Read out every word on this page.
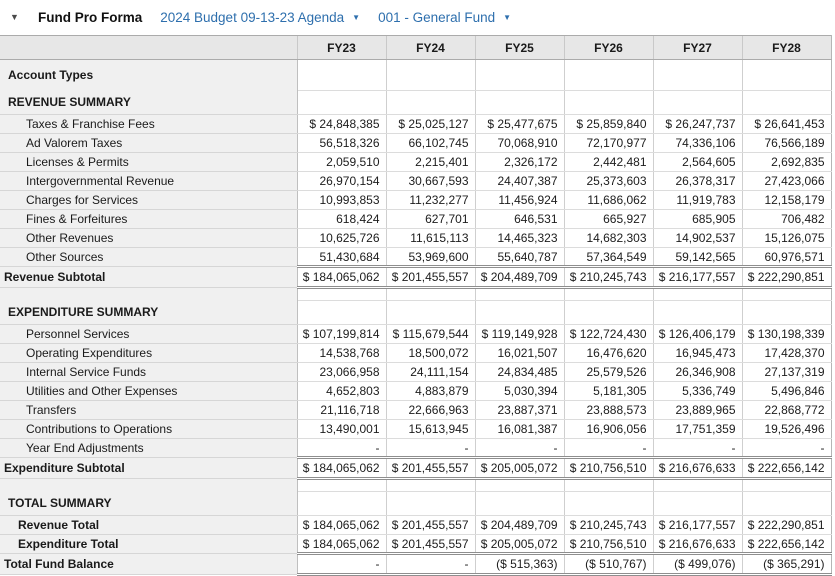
▼	Fund Pro Forma 2024 Budget 09-13-23 Agenda ▼ 001 - General Fund ▼
	FY23	FY24	FY25	FY26	FY27	FY28
Account Types						
REVENUE SUMMARY						
Taxes & Franchise Fees	$ 24,848,385	$ 25,025,127	$ 25,477,675	$ 25,859,840	$ 26,247,737	$ 26,641,453
Ad Valorem Taxes	56,518,326	66,102,745	70,068,910	72,170,977	74,336,106	76,566,189
Licenses & Permits	2,059,510	2,215,401	2,326,172	2,442,481	2,564,605	2,692,835
Intergovernmental Revenue	26,970,154	30,667,593	24,407,387	25,373,603	26,378,317	27,423,066
Charges for Services	10,993,853	11,232,277	11,456,924	11,686,062	11,919,783	12,158,179
Fines & Forfeitures	618,424	627,701	646,531	665,927	685,905	706,482
Other Revenues	10,625,726	11,615,113	14,465,323	14,682,303	14,902,537	15,126,075
Other Sources	51,430,684	53,969,600	55,640,787	57,364,549	59,142,565	60,976,571
Revenue Subtotal	$ 184,065,062	$ 201,455,557	$ 204,489,709	$ 210,245,743	$ 216,177,557	$ 222,290,851

EXPENDITURE SUMMARY						
Personnel Services	$ 107,199,814	$ 115,679,544	$ 119,149,928	$ 122,724,430	$ 126,406,179	$ 130,198,339
Operating Expenditures	14,538,768	18,500,072	16,021,507	16,476,620	16,945,473	17,428,370
Internal Service Funds	23,066,958	24,111,154	24,834,485	25,579,526	26,346,908	27,137,319
Utilities and Other Expenses	4,652,803	4,883,879	5,030,394	5,181,305	5,336,749	5,496,846
Transfers	21,116,718	22,666,963	23,887,371	23,888,573	23,889,965	22,868,772
Contributions to Operations	13,490,001	15,613,945	16,081,387	16,906,056	17,751,359	19,526,496
Year End Adjustments	-	-	-	-	-	-
Expenditure Subtotal	$ 184,065,062	$ 201,455,557	$ 205,005,072	$ 210,756,510	$ 216,676,633	$ 222,656,142

TOTAL SUMMARY						
Revenue Total	$ 184,065,062	$ 201,455,557	$ 204,489,709	$ 210,245,743	$ 216,177,557	$ 222,290,851
Expenditure Total	$ 184,065,062	$ 201,455,557	$ 205,005,072	$ 210,756,510	$ 216,676,633	$ 222,656,142
Total Fund Balance	-	-	($ 515,363)	($ 510,767)	($ 499,076)	($ 365,291)
